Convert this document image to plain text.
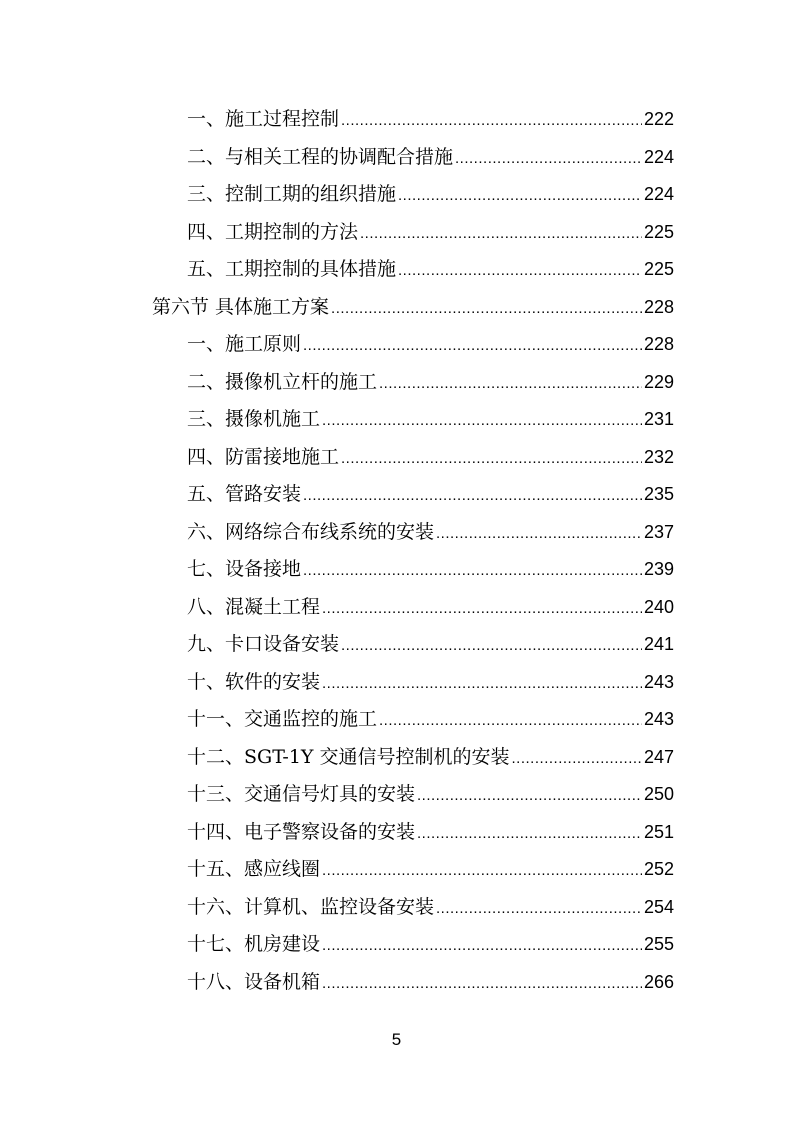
一、施工过程控制 .....	222
二、与相关工程的协调配合措施 .....	224
三、控制工期的组织措施 .....	224
四、工期控制的方法 .....	225
五、工期控制的具体措施 .....	225
第六节 具体施工方案 .....	228
一、施工原则 .....	228
二、摄像机立杆的施工 .....	229
三、摄像机施工 .....	231
四、防雷接地施工 .....	232
五、管路安装 .....	235
六、网络综合布线系统的安装 .....	237
七、设备接地 .....	239
八、混凝土工程 .....	240
九、卡口设备安装 .....	241
十、软件的安装 .....	243
十一、交通监控的施工 .....	243
十二、SGT-1Y 交通信号控制机的安装 .....	247
十三、交通信号灯具的安装 .....	250
十四、电子警察设备的安装 .....	251
十五、感应线圈 .....	252
十六、计算机、监控设备安装 .....	254
十七、机房建设 .....	255
十八、设备机箱 .....	266
5
